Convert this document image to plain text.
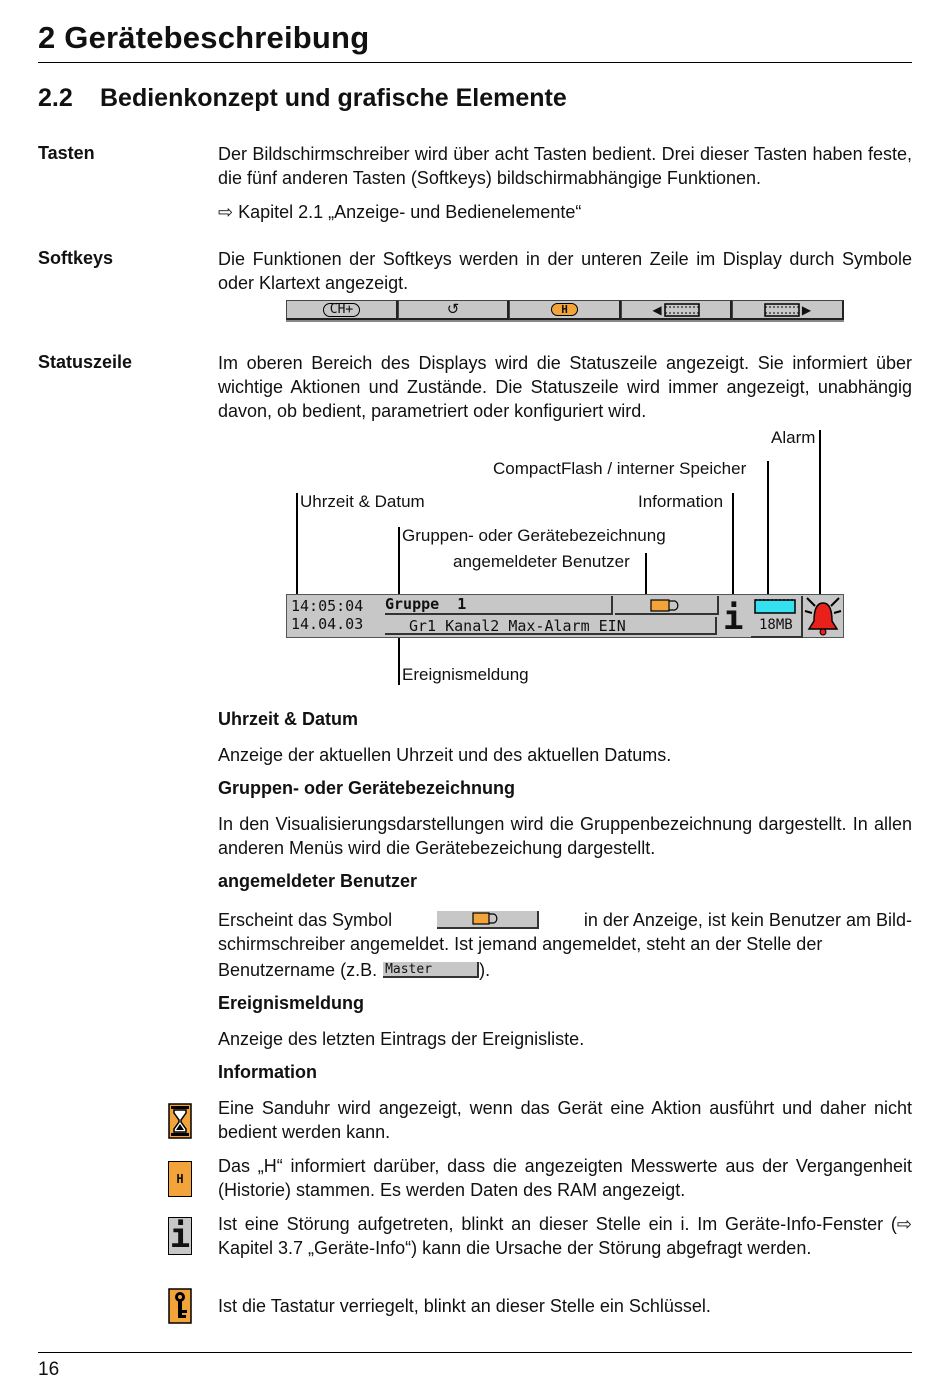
2 Gerätebeschreibung
2.2 Bedienkonzept und grafische Elemente
Tasten	Der Bildschirmschreiber wird über acht Tasten bedient. Drei dieser Tasten haben feste, die fünf anderen Tasten (Softkeys) bildschirmabhängige Funktionen.
⇨ Kapitel 2.1 „Anzeige- und Bedienelemente“
Softkeys	Die Funktionen der Softkeys werden in der unteren Zeile im Display durch Symbole oder Klartext angezeigt.
CH+	↺	H	◀	▶
Statuszeile	Im oberen Bereich des Displays wird die Statuszeile angezeigt. Sie informiert über wichtige Aktionen und Zustände. Die Statuszeile wird immer angezeigt, unabhängig davon, ob bedient, parametriert oder konfiguriert wird.
Alarm
CompactFlash / interner Speicher
Uhrzeit & Datum	Information
Gruppen- oder Gerätebezeichnung
angemeldeter Benutzer
Ereignismeldung
14:05:04
14.04.03
Gruppe  1
Gr1 Kanal2 Max-Alarm EIN	i 18MB
Uhrzeit & Datum
Anzeige der aktuellen Uhrzeit und des aktuellen Datums.
Gruppen- oder Gerätebezeichnung
In den Visualisierungsdarstellungen wird die Gruppenbezeichnung dargestellt. In allen anderen Menüs wird die Gerätebezeichung dargestellt.
angemeldeter Benutzer
Erscheint das Symbol	in der Anzeige, ist kein Benutzer am Bild-
schirmschreiber angemeldet. Ist jemand angemeldet, steht an der Stelle der
Benutzername (z.B. Master	).
Ereignismeldung
Anzeige des letzten Eintrags der Ereignisliste.
Information
Eine Sanduhr wird angezeigt, wenn das Gerät eine Aktion ausführt und daher nicht bedient werden kann.
H
Das „H“ informiert darüber, dass die angezeigten Messwerte aus der Vergangenheit (Historie) stammen. Es werden Daten des RAM angezeigt.
i Ist eine Störung aufgetreten, blinkt an dieser Stelle ein i. Im Geräte-Info-Fenster (⇨ Kapitel 3.7 „Geräte-Info“) kann die Ursache der Störung abgefragt werden.
Ist die Tastatur verriegelt, blinkt an dieser Stelle ein Schlüssel.
16
